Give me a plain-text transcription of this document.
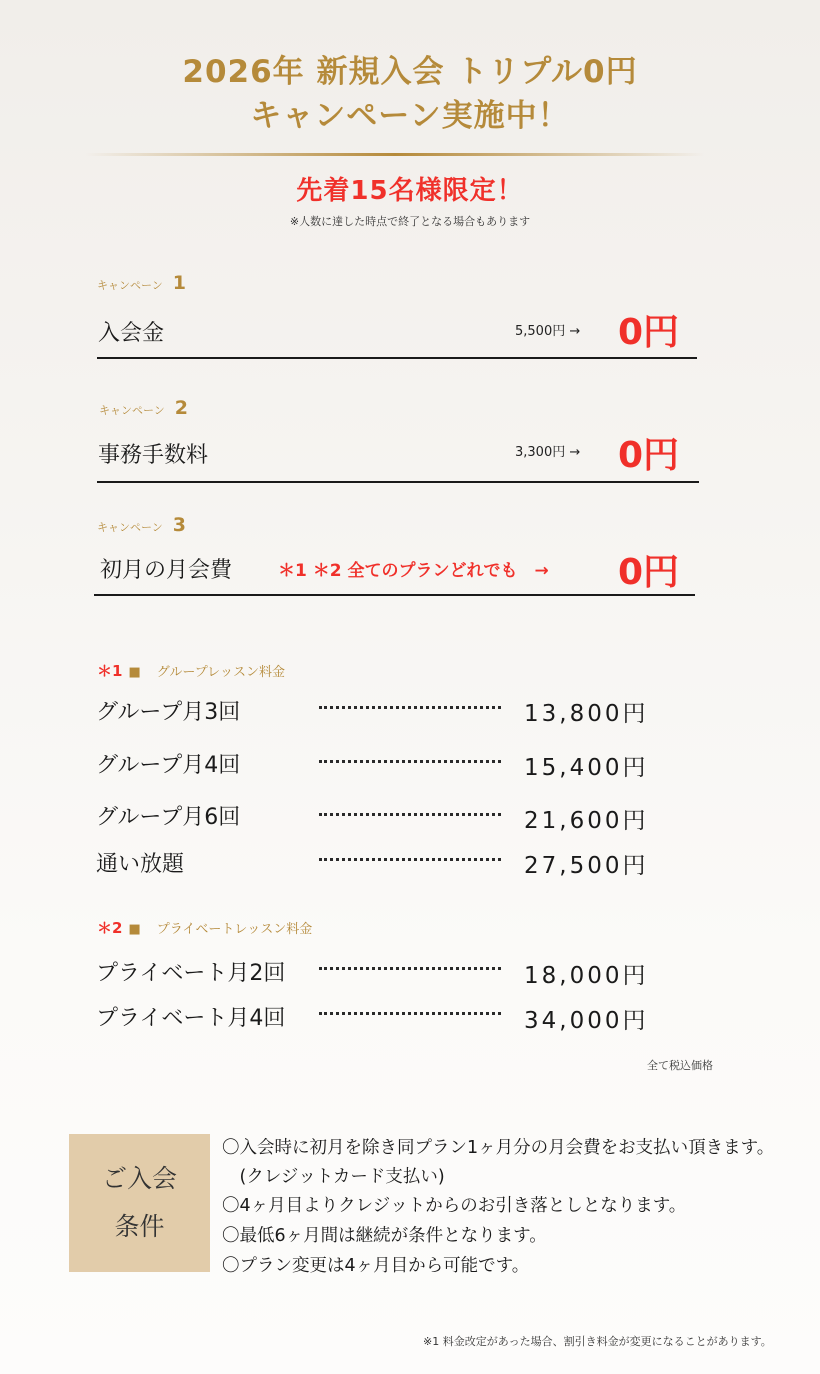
2026年 新規入会 トリプル0円
キャンペーン実施中！
先着15名様限定！
※人数に達した時点で終了となる場合もあります
キャンペーン 1
入会金	5,500円 → 0円
キャンペーン 2
事務手数料	3,300円 → 0円
キャンペーン 3
初月の月会費	＊1 ＊2 全てのプランどれでも　→ 0円
＊1 ■ グループレッスン料金
グループ月3回	13,800円
グループ月4回	15,400円
グループ月6回	21,600円
通い放題	27,500円
＊2 ■ プライベートレッスン料金
プライベート月2回	18,000円
プライベート月4回	34,000円
全て税込価格
ご入会
条件
〇入会時に初月を除き同プラン1ヶ月分の月会費をお支払い頂きます。
　(クレジットカード支払い)
〇4ヶ月目よりクレジットからのお引き落としとなります。
〇最低6ヶ月間は継続が条件となります。
〇プラン変更は4ヶ月目から可能です。
※1 料金改定があった場合、割引き料金が変更になることがあります。
